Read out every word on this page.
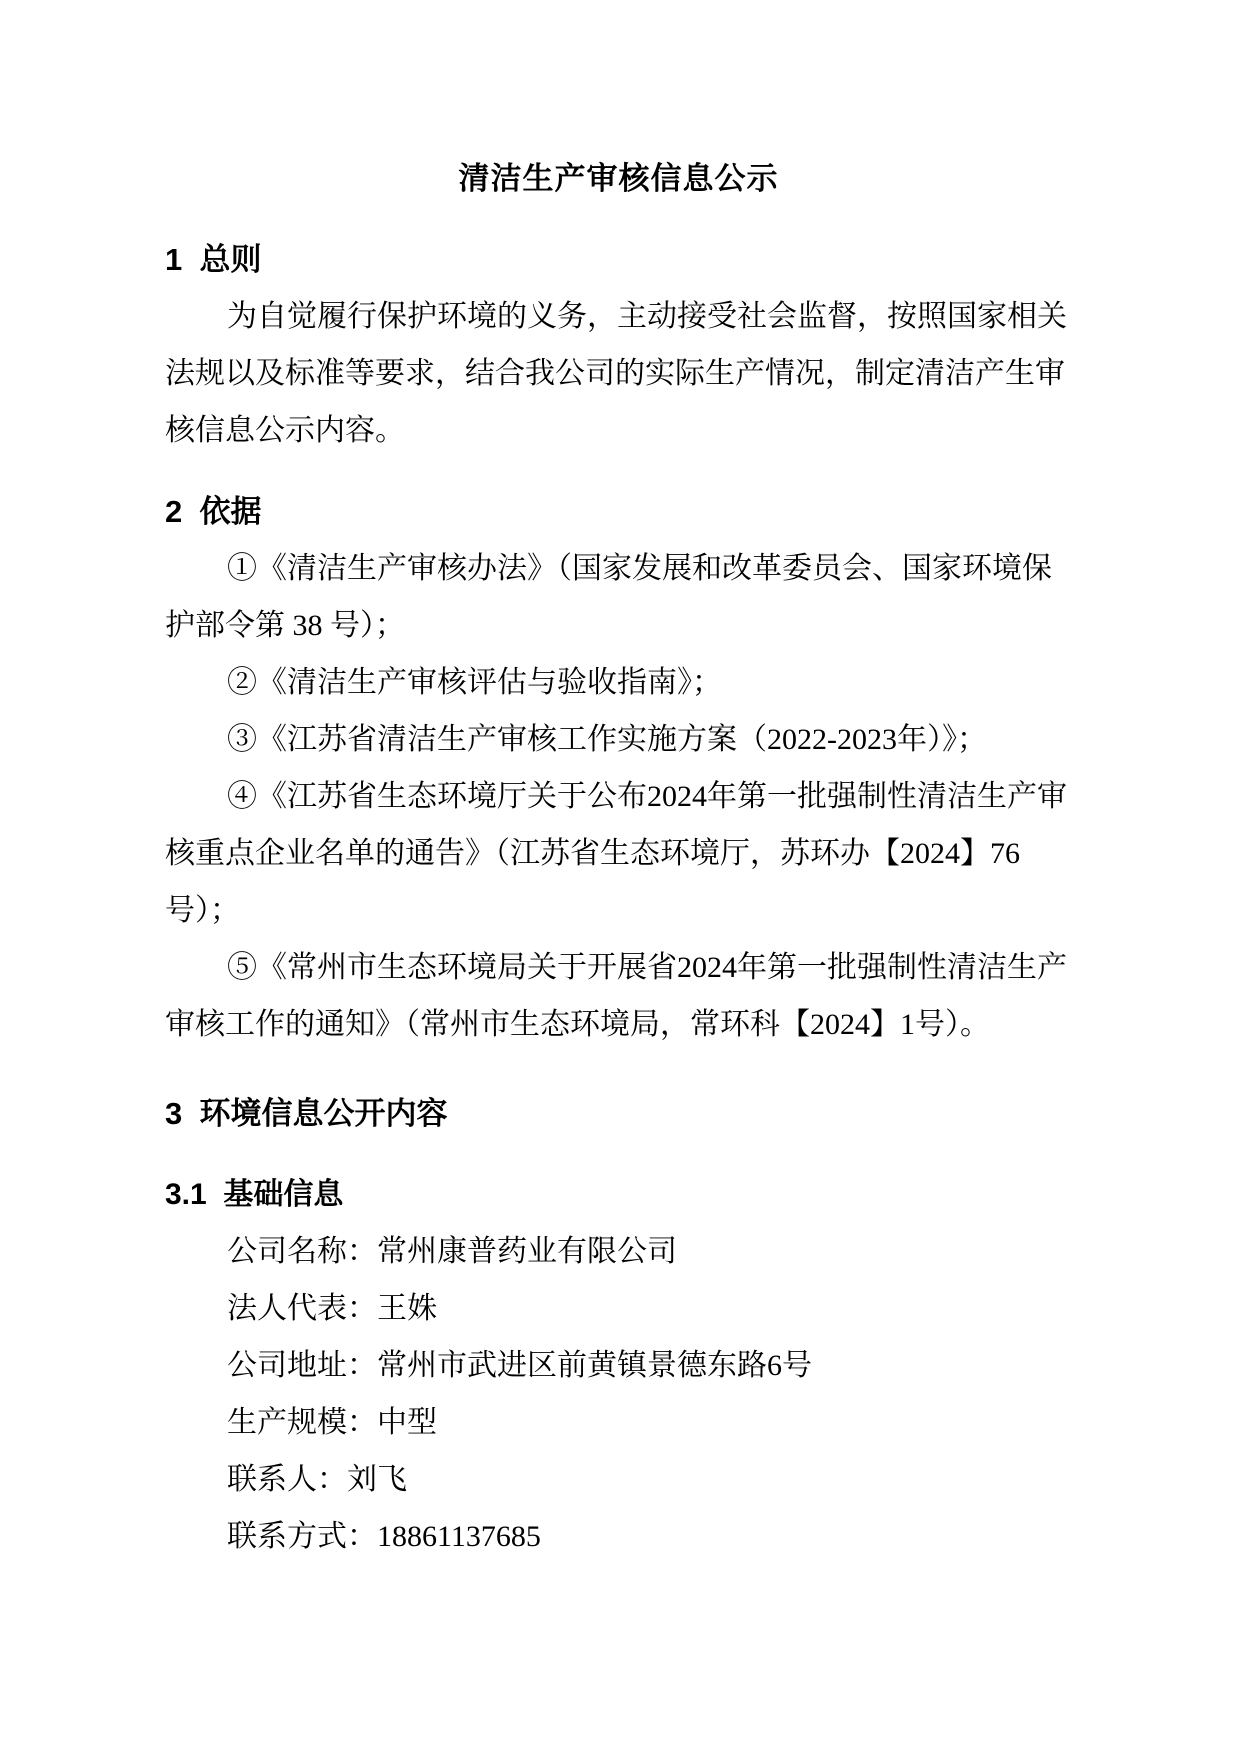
清洁生产审核信息公示
1  总则

为自觉履行保护环境的义务，主动接受社会监督，按照国家相关

法规以及标准等要求，结合我公司的实际生产情况，制定清洁产生审

核信息公示内容。

2  依据

①《清洁生产审核办法》（国家发展和改革委员会、国家环境保

护部令第 38 号）；

②《清洁生产审核评估与验收指南》；

③《江苏省清洁生产审核工作实施方案（2022-2023年）》；

④《江苏省生态环境厅关于公布2024年第一批强制性清洁生产审

核重点企业名单的通告》（江苏省生态环境厅，苏环办【2024】76

号）；

⑤《常州市生态环境局关于开展省2024年第一批强制性清洁生产

审核工作的通知》（常州市生态环境局，常环科【2024】1号）。

3  环境信息公开内容
3.1  基础信息

公司名称：常州康普药业有限公司

法人代表：王姝

公司地址：常州市武进区前黄镇景德东路6号

生产规模：中型

联系人：刘飞

联系方式：18861137685
